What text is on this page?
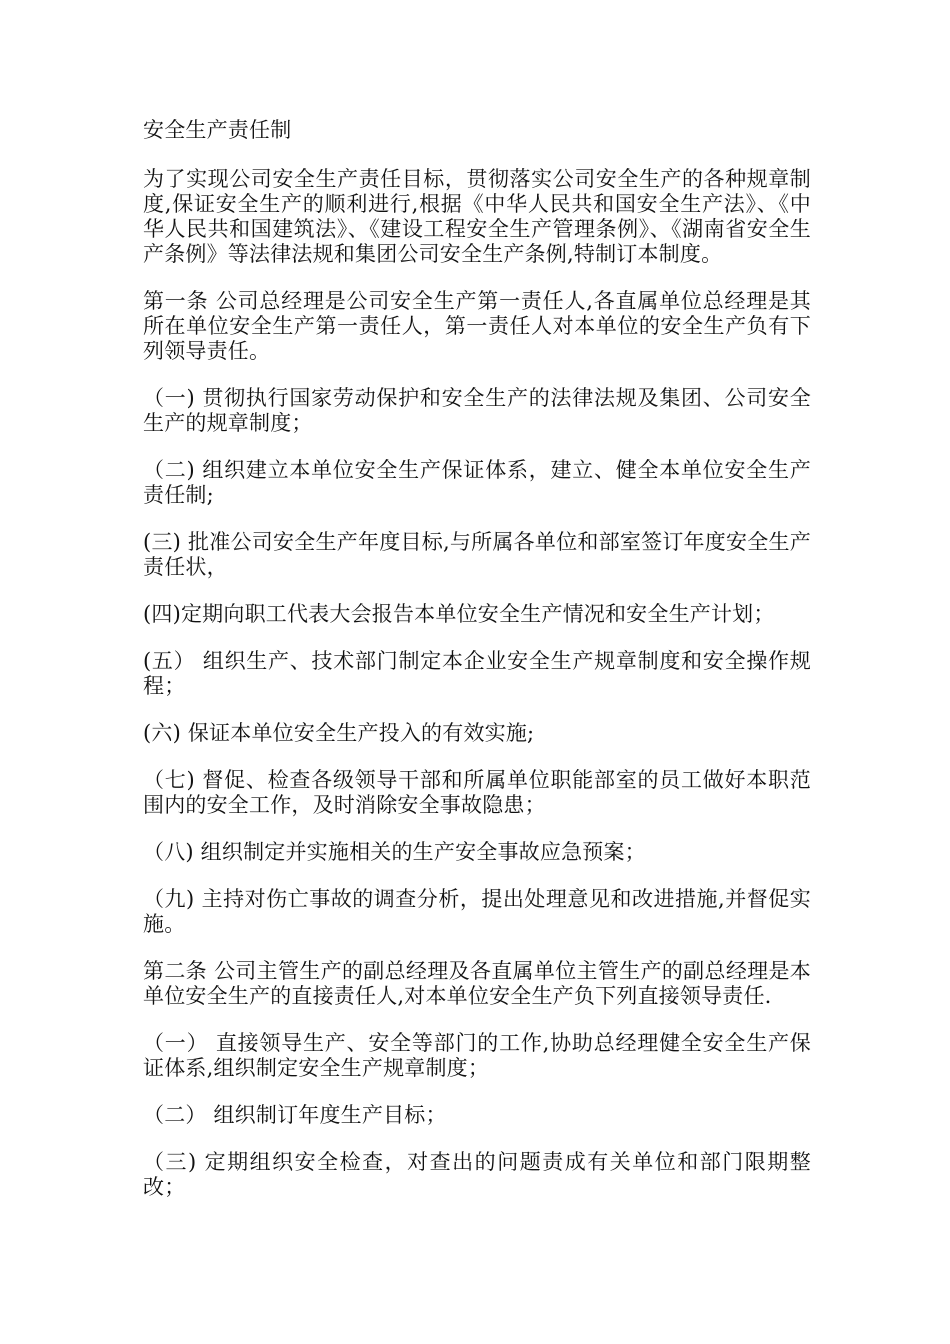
安全生产责任制

为了实现公司安全生产责任目标，贯彻落实公司安全生产的各种规章制度,保证安全生产的顺利进行,根据《中华人民共和国安全生产法》、《中华人民共和国建筑法》、《建设工程安全生产管理条例》、《湖南省安全生产条例》等法律法规和集团公司安全生产条例,特制订本制度。

第一条 公司总经理是公司安全生产第一责任人,各直属单位总经理是其所在单位安全生产第一责任人，第一责任人对本单位的安全生产负有下列领导责任。

（一) 贯彻执行国家劳动保护和安全生产的法律法规及集团、公司安全生产的规章制度；

（二) 组织建立本单位安全生产保证体系，建立、健全本单位安全生产责任制;

(三) 批准公司安全生产年度目标,与所属各单位和部室签订年度安全生产责任状，

(四)定期向职工代表大会报告本单位安全生产情况和安全生产计划；

(五） 组织生产、技术部门制定本企业安全生产规章制度和安全操作规程；

(六) 保证本单位安全生产投入的有效实施;

（七) 督促、检查各级领导干部和所属单位职能部室的员工做好本职范围内的安全工作，及时消除安全事故隐患；

（八) 组织制定并实施相关的生产安全事故应急预案；

（九) 主持对伤亡事故的调查分析，提出处理意见和改进措施,并督促实施。

第二条 公司主管生产的副总经理及各直属单位主管生产的副总经理是本单位安全生产的直接责任人,对本单位安全生产负下列直接领导责任.

（一） 直接领导生产、安全等部门的工作,协助总经理健全安全生产保证体系,组织制定安全生产规章制度；

（二） 组织制订年度生产目标；

（三) 定期组织安全检查，对查出的问题责成有关单位和部门限期整改；
